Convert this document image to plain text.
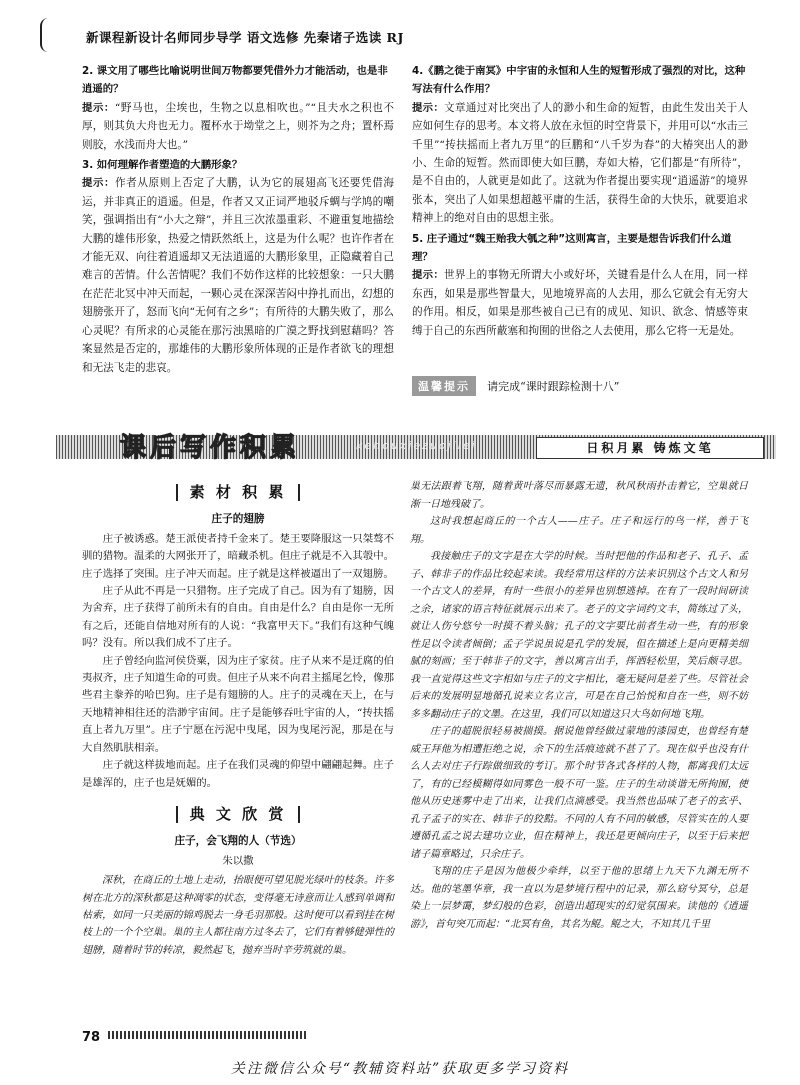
新课程新设计名师同步导学 语文选修 先秦诸子选读 RJ

2. 课文用了哪些比喻说明世间万物都要凭借外力才能活动，也是非逍遥的？

提示：“野马也，尘埃也，生物之以息相吹也。”“且夫水之积也不厚，则其负大舟也无力。覆杯水于坳堂之上，则芥为之舟；置杯焉则胶，水浅而舟大也。”

3. 如何理解作者塑造的大鹏形象？

提示：作者从原则上否定了大鹏，认为它的展翅高飞还要凭借海运，并非真正的逍遥。但是，作者又又正词严地驳斥蜩与学鸠的嘲笑，强调指出有“小大之辩”，并且三次浓墨重彩、不避重复地描绘大鹏的雄伟形象，热爱之情跃然纸上，这是为什么呢？也许作者在才能无双、向往着逍遥却又无法逍遥的大鹏形象里，正隐藏着自己难言的苦情。什么苦情呢？我们不妨作这样的比较想象：一只大鹏在茫茫北冥中冲天而起，一颗心灵在深深苦闷中挣扎而出，幻想的翅膀张开了，怒而飞向“无何有之乡”；有所待的大鹏失败了，那么心灵呢？有所求的心灵能在那污浊黑暗的广漠之野找到慰藉吗？答案显然是否定的，那雄伟的大鹏形象所体现的正是作者欲飞的理想和无法飞走的悲哀。

4.《鹏之徙于南冥》中宇宙的永恒和人生的短暂形成了强烈的对比，这种写法有什么作用？

提示：文章通过对比突出了人的渺小和生命的短暂，由此生发出关于人应如何生存的思考。本文将人放在永恒的时空背景下，并用可以“水击三千里”“抟扶摇而上者九万里”的巨鹏和“八千岁为春”的大椿突出人的渺小、生命的短暂。然而即使大如巨鹏，寿如大椿，它们都是“有所待”，是不自由的，人就更是如此了。这就为作者提出要实现“逍遥游”的境界张本，突出了人如果想超越平庸的生活，获得生命的大快乐，就要追求精神上的绝对自由的思想主张。

5. 庄子通过“魏王贻我大瓠之种”这则寓言，主要是想告诉我们什么道理？

提示：世界上的事物无所谓大小或好坏，关键看是什么人在用，同一样东西，如果是那些智量大，见地境界高的人去用，那么它就会有无穷大的作用。相反，如果是那些被自己已有的成见、知识、欲念、情感等束缚于自己的东西所蔽塞和拘囿的世俗之人去使用，那么它将一无是处。

温馨提示 请完成“课时跟踪检测十八”
课后写作积累	kehouxiezuojilei	日积月累 铸炼文笔
素 材 积 累
庄子的翅膀

庄子被诱惑。楚王派使者持千金来了。楚王要降服这一只桀骜不驯的猎物。温柔的大网张开了，暗藏杀机。但庄子就是不入其彀中。庄子选择了突围。庄子冲天而起。庄子就是这样被逼出了一双翅膀。

庄子从此不再是一只猎物。庄子完成了自己。因为有了翅膀，因为舍弃，庄子获得了前所未有的自由。自由是什么？自由是你一无所有之后，还能自信地对所有的人说：“我富甲天下。”我们有这种气魄吗？没有。所以我们成不了庄子。

庄子曾经向监河侯贷粟，因为庄子家贫。庄子从来不是迂腐的伯夷叔齐，庄子知道生命的可贵。但庄子从来不向君主摇尾乞怜，像那些君主豢养的哈巴狗。庄子是有翅膀的人。庄子的灵魂在天上，在与天地精神相往还的浩渺宇宙间。庄子是能够吞吐宇宙的人，“抟扶摇直上者九万里”。庄子宁愿在污泥中曳尾，因为曳尾污泥，那是在与大自然肌肤相亲。

庄子就这样拔地而起。庄子在我们灵魂的仰望中翩翩起舞。庄子是雄浑的，庄子也是妩媚的。

典 文 欣 赏
庄子，会飞翔的人（节选）
朱以撒

深秋，在商丘的土地上走动，抬眼便可望见脱光绿叶的枝条。许多树在北方的深秋都是这种凋零的状态，变得毫无诗意而让人感到单调和枯索，如同一只美丽的锦鸡脱去一身毛羽那般。这时便可以看到挂在树枝上的一个个空巢。巢的主人都往南方过冬去了，它们有着够健弹性的翅膀，随着时节的转凉，毅然起飞，抛弃当时辛劳筑就的巢。

巢无法跟着飞翔，随着黄叶落尽而暴露无遗，秋风秋雨扑击着它，空巢就日渐一日地残破了。

这时我想起商丘的一个古人——庄子。庄子和远行的鸟一样，善于飞翔。

我接触庄子的文字是在大学的时候。当时把他的作品和老子、孔子、孟子、韩非子的作品比较起来读。我经常用这样的方法来识别这个古文人和另一个古文人的差异，有时一些很小的差异也别想逃掉。在有了一段时间研读之余，诸家的语言特征就展示出来了。老子的文字词约文丰，简练过了头，就让人伤兮悠兮一时摸不着头脑；孔子的文字要比前者生动一些，有的形象性足以令读者倾倒；孟子学说虽说是孔学的发展，但在描述上是向更精美细腻的刻画；至于韩非子的文字，善以寓言出手，挥洒轻松里，笑后颇寻思。我一直觉得这些文字相如与庄子的文字相比，毫无疑问是差了些。尽管社会后来的发展明显地循孔说来立名立言，可是在自己怡悦和自在一些，则不妨多多翻动庄子的文墨。在这里，我们可以知道这只大鸟如何地飞翔。

庄子的超脱很轻易被揣摸。据说他曾经做过蒙地的漆园吏，也曾经有楚威王拜他为相遭拒绝之说，余下的生活痕迹就不甚了了。现在似乎也没有什么人去对庄子行踪做细致的考订。那个时节各式各样的人物，都离我们太远了，有的已经模糊得如同雾色一般不可一鉴。庄子的生动谈谐无所拘囿，使他从历史迷雾中走了出来，让我们点滴感受。我当然也品味了老子的玄乎、孔子孟子的实在、韩非子的狡黠。不同的人有不同的敏感，尽管实在的人要遵循孔孟之说去建功立业，但在精神上，我还是更倾向庄子，以至于后来把诸子篇章略过，只余庄子。

飞翔的庄子是因为他极少牵绊，以至于他的思绪上九天下九渊无所不达。他的笔墨华章，我一直以为是梦境行程中的记录，那么窈兮冥兮，总是染上一层梦霭，梦幻般的色彩，创造出超现实的幻觉氛围来。读他的《逍遥游》，首句突兀而起：“北冥有鱼，其名为鲲。鲲之大，不知其几千里

78
关注微信公众号“教辅资料站”获取更多学习资料
